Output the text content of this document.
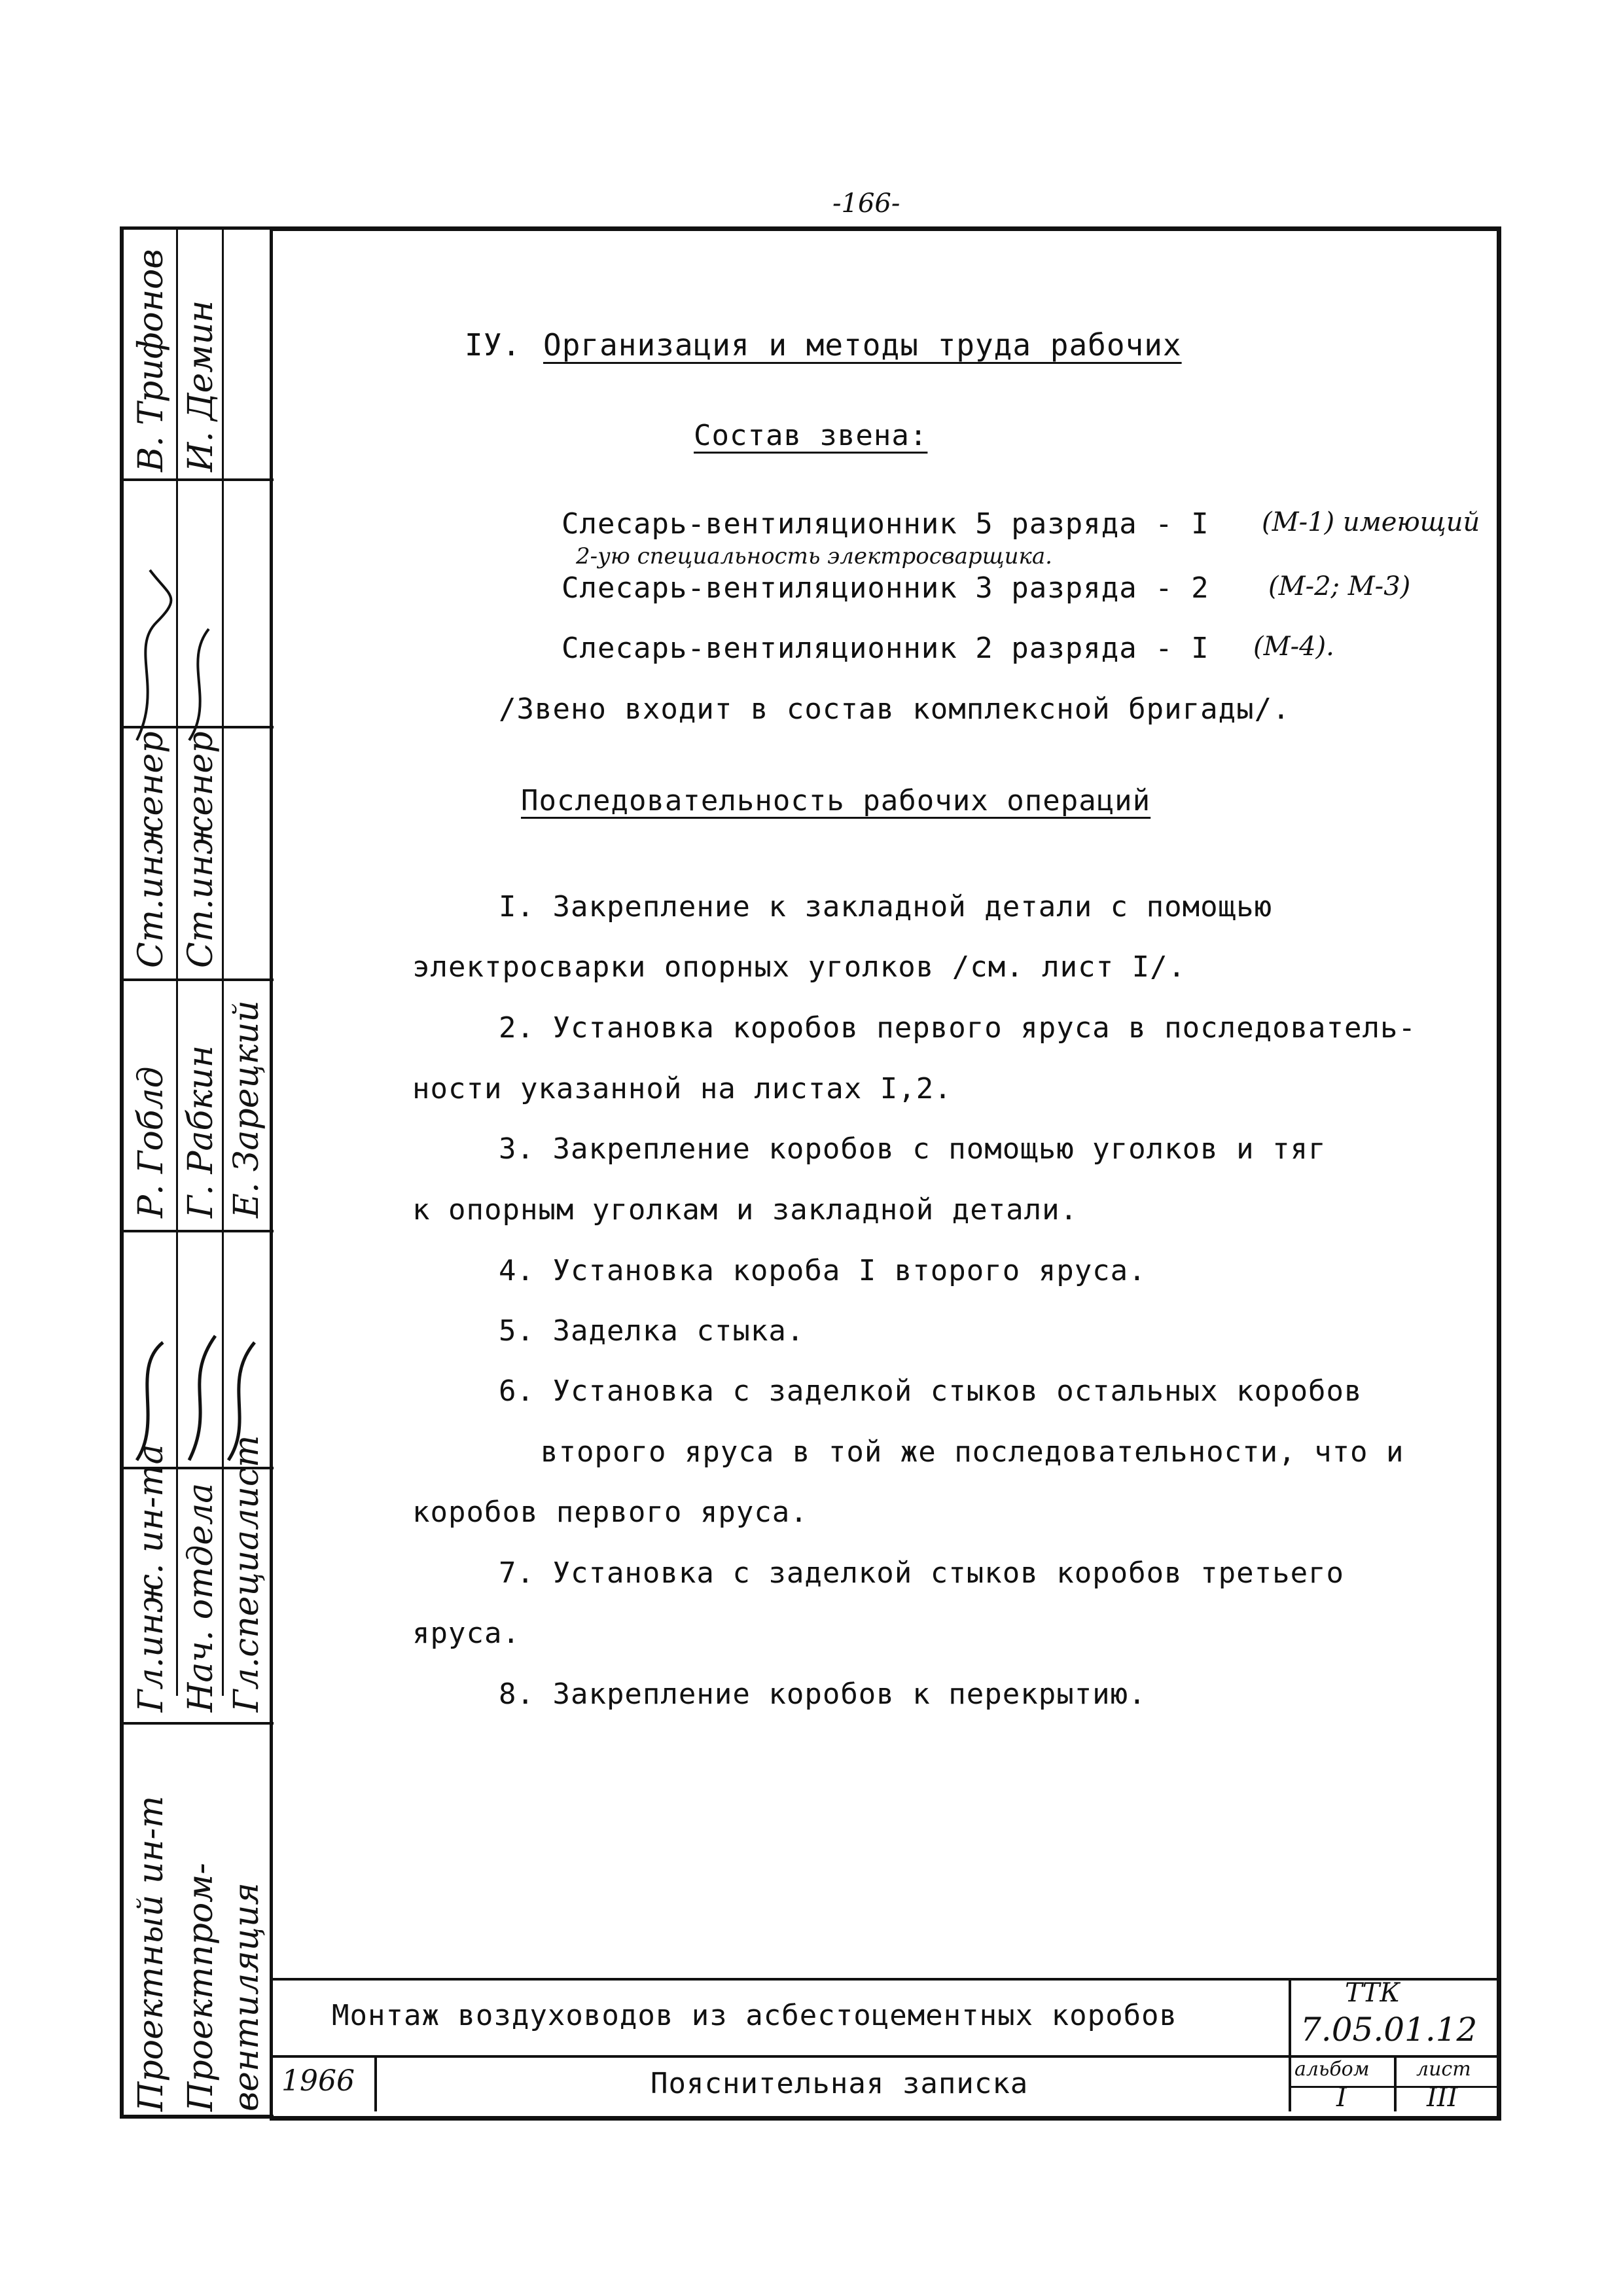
-166-
В. Трифонов
Ст.инженер
Р. Гоблд
Гл.инж. ин-та
Проектный ин-т
И. Демин
Ст.инженер
Г. Рабкин
Нач. отдела
Проектпром-
Е. Зарецкий
Гл.специалист
вентиляция
IУ. Организация и методы труда рабочих
Состав звена:
Слесарь-вентиляционник 5 разряда - I (М-1) имеющий
2-ую специальность электросварщика.
Слесарь-вентиляционник 3 разряда - 2 (М-2; М-3)
Слесарь-вентиляционник 2 разряда - I (М-4).
/Звено входит в состав комплексной бригады/.
Последовательность рабочих операций
I. Закрепление к закладной детали с помощью
электросварки опорных уголков /см. лист I/.
2. Установка коробов первого яруса в последователь-
ности указанной на листах I,2.
3. Закрепление коробов с помощью уголков и тяг
к опорным уголкам и закладной детали.
4. Установка короба I второго яруса.
5. Заделка стыка.
6. Установка с заделкой стыков остальных коробов
второго яруса в той же последовательности, что и
коробов первого яруса.
7. Установка с заделкой стыков коробов третьего
яруса.
8. Закрепление коробов к перекрытию.
Монтаж воздуховодов из асбестоцементных коробов
Пояснительная записка
1966
ТТК
7.05.01.12
альбом
I
лист
III
